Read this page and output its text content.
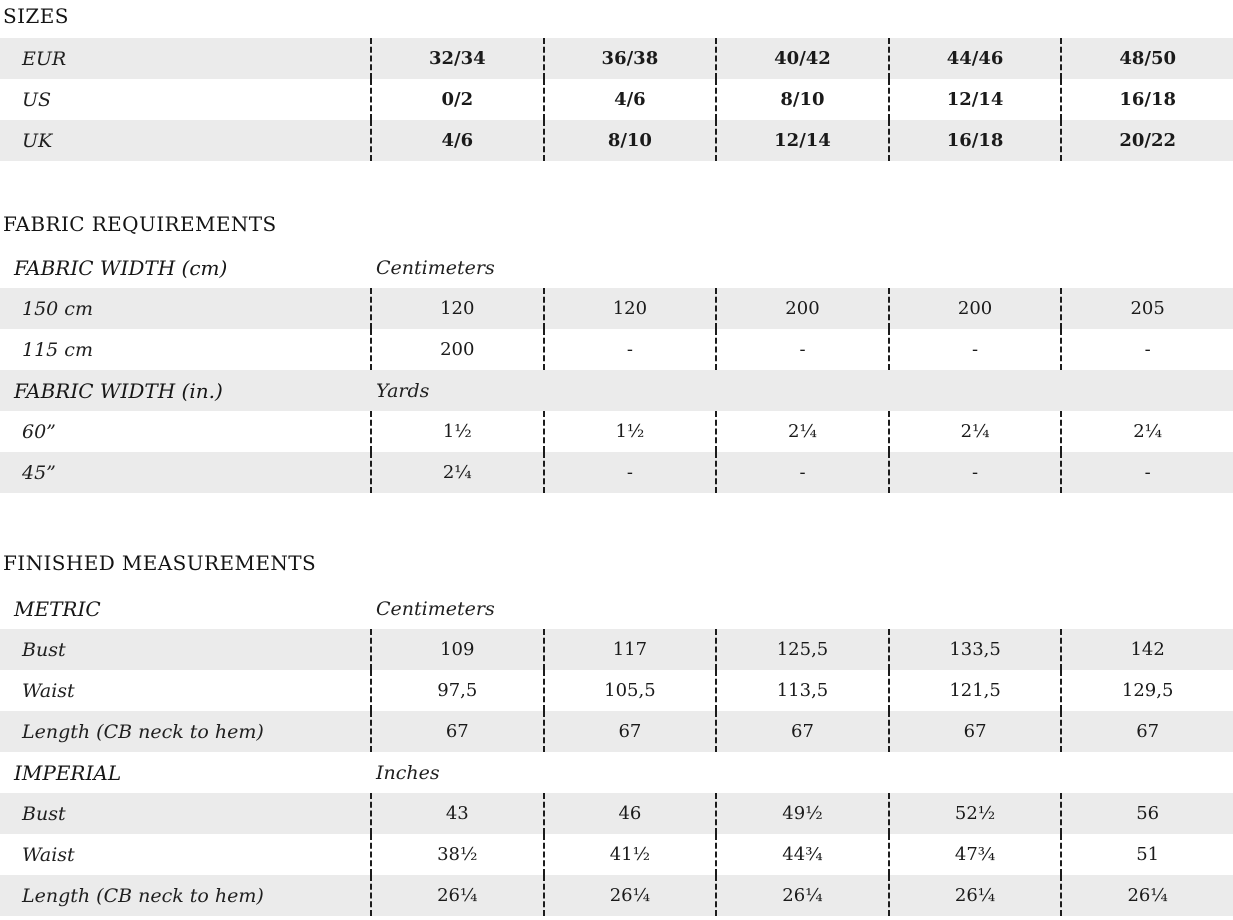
SIZES
EUR	32/34	36/38	40/42	44/46	48/50
US	0/2	4/6	8/10	12/14	16/18
UK	4/6	8/10	12/14	16/18	20/22
FABRIC REQUIREMENTS
FABRIC WIDTH (cm)	Centimeters
150 cm	120	120	200	200	205
115 cm	200	-	-	-	-
FABRIC WIDTH (in.)	Yards
60”	1½	1½	2¼	2¼	2¼
45”	2¼	-	-	-	-
FINISHED MEASUREMENTS
METRIC	Centimeters
Bust	109	117	125,5	133,5	142
Waist	97,5	105,5	113,5	121,5	129,5
Length (CB neck to hem)	67	67	67	67	67
IMPERIAL	Inches
Bust	43	46	49½	52½	56
Waist	38½	41½	44¾	47¾	51
Length (CB neck to hem)	26¼	26¼	26¼	26¼	26¼
